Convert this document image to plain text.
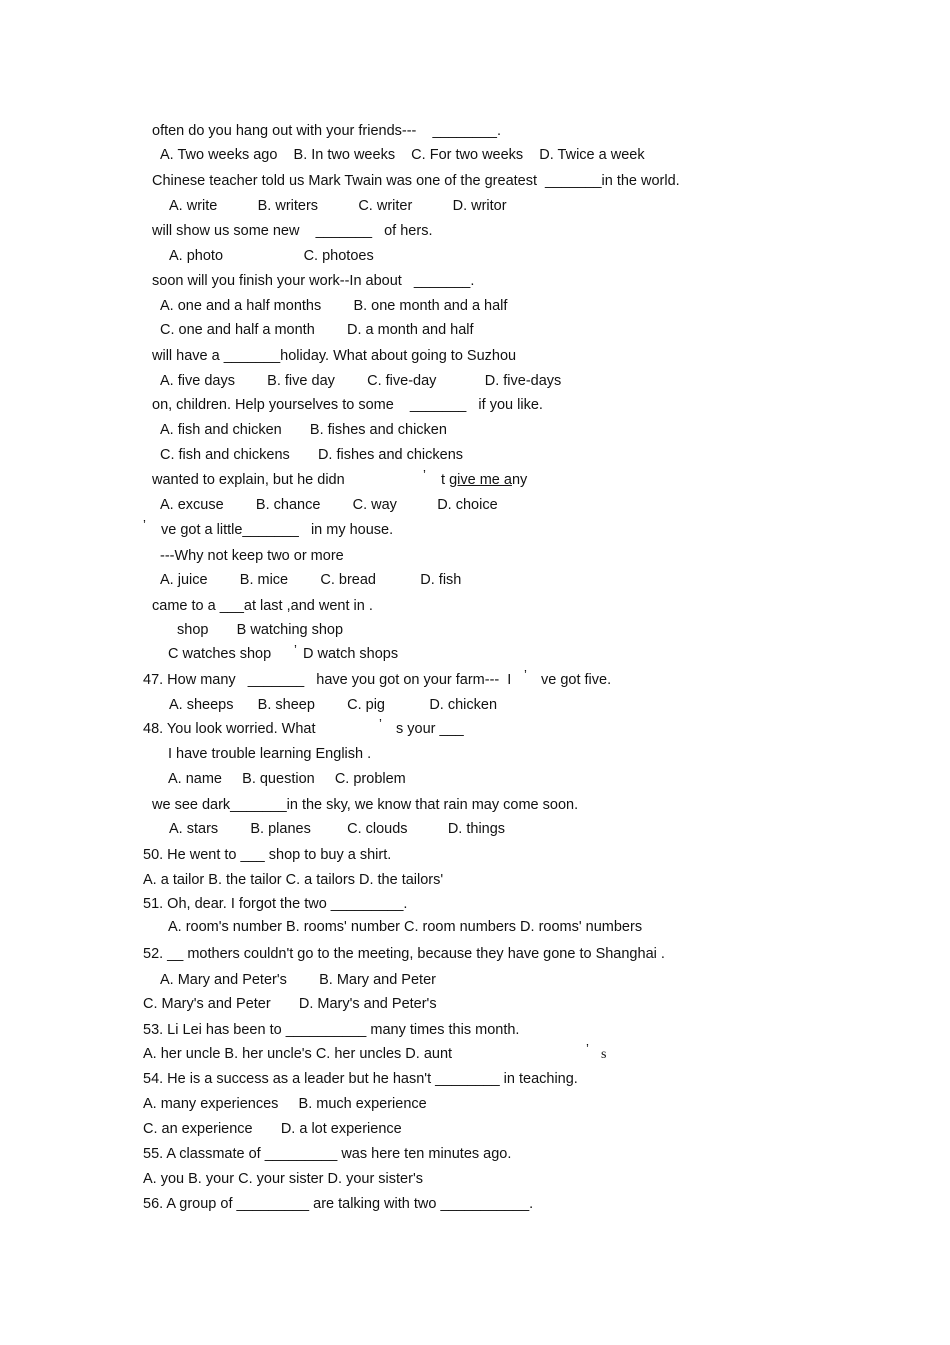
often do you hang out with your friends---    ________.
A. Two weeks ago    B. In two weeks    C. For two weeks    D. Twice a week
Chinese teacher told us Mark Twain was one of the greatest  _______in the world.
A. write          B. writers          C. writer          D. writor
will show us some new    _______   of hers.
A. photo                    C. photoes
soon will you finish your work--In about   _______.
A. one and a half months        B. one month and a half
C. one and half a month        D. a month and half
will have a _______holiday. What about going to Suzhou
A. five days        B. five day        C. five-day            D. five-days
on, children. Help yourselves to some    _______   if you like.
A. fish and chicken       B. fishes and chicken
C. fish and chickens       D. fishes and chickens
wanted to explain, but he didn	’ t give me any
A. excuse        B. chance        C. way          D. choice
’ ve got a little_______   in my house.
---Why not keep two or more
A. juice        B. mice        C. bread           D. fish
came to a ___at last ,and went in .
shop       B watching shop
C watches shop ’ D watch shops
47. How many   _______   have you got on your farm---  I ’ ve got five.
A. sheeps      B. sheep        C. pig           D. chicken
48. You look worried. What	’ s your ___
I have trouble learning English .
A. name     B. question     C. problem
we see dark_______in the sky, we know that rain may come soon.
A. stars        B. planes         C. clouds          D. things
50. He went to ___ shop to buy a shirt.
A. a tailor B. the tailor C. a tailors D. the tailors'
51. Oh, dear. I forgot the two _________.
A. room's number B. rooms' number C. room numbers D. rooms' numbers
52. __ mothers couldn't go to the meeting, because they have gone to Shanghai .
A. Mary and Peter's        B. Mary and Peter
C. Mary's and Peter       D. Mary's and Peter's
53. Li Lei has been to __________ many times this month.
A. her uncle B. her uncle's C. her uncles D. aunt	’ s
54. He is a success as a leader but he hasn't ________ in teaching.
A. many experiences     B. much experience
C. an experience       D. a lot experience
55. A classmate of _________ was here ten minutes ago.
A. you B. your C. your sister D. your sister's
56. A group of _________ are talking with two ___________.
